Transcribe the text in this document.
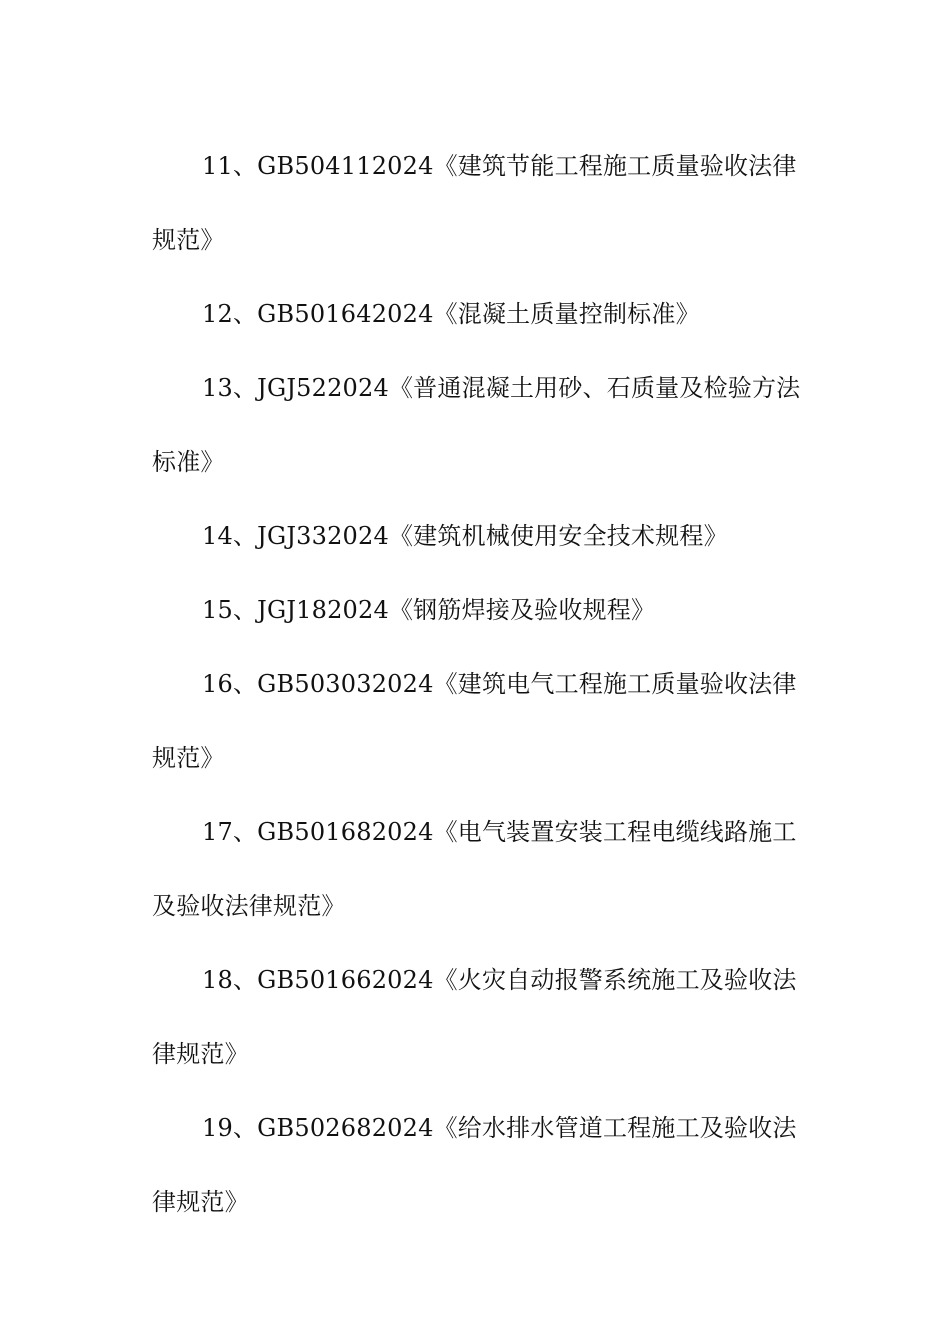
11、GB504112024《建筑节能工程施工质量验收法律规范》

12、GB501642024《混凝土质量控制标准》

13、JGJ522024《普通混凝土用砂、石质量及检验方法标准》

14、JGJ332024《建筑机械使用安全技术规程》

15、JGJ182024《钢筋焊接及验收规程》

16、GB503032024《建筑电气工程施工质量验收法律规范》

17、GB501682024《电气装置安装工程电缆线路施工及验收法律规范》

18、GB501662024《火灾自动报警系统施工及验收法律规范》

19、GB502682024《给水排水管道工程施工及验收法律规范》
